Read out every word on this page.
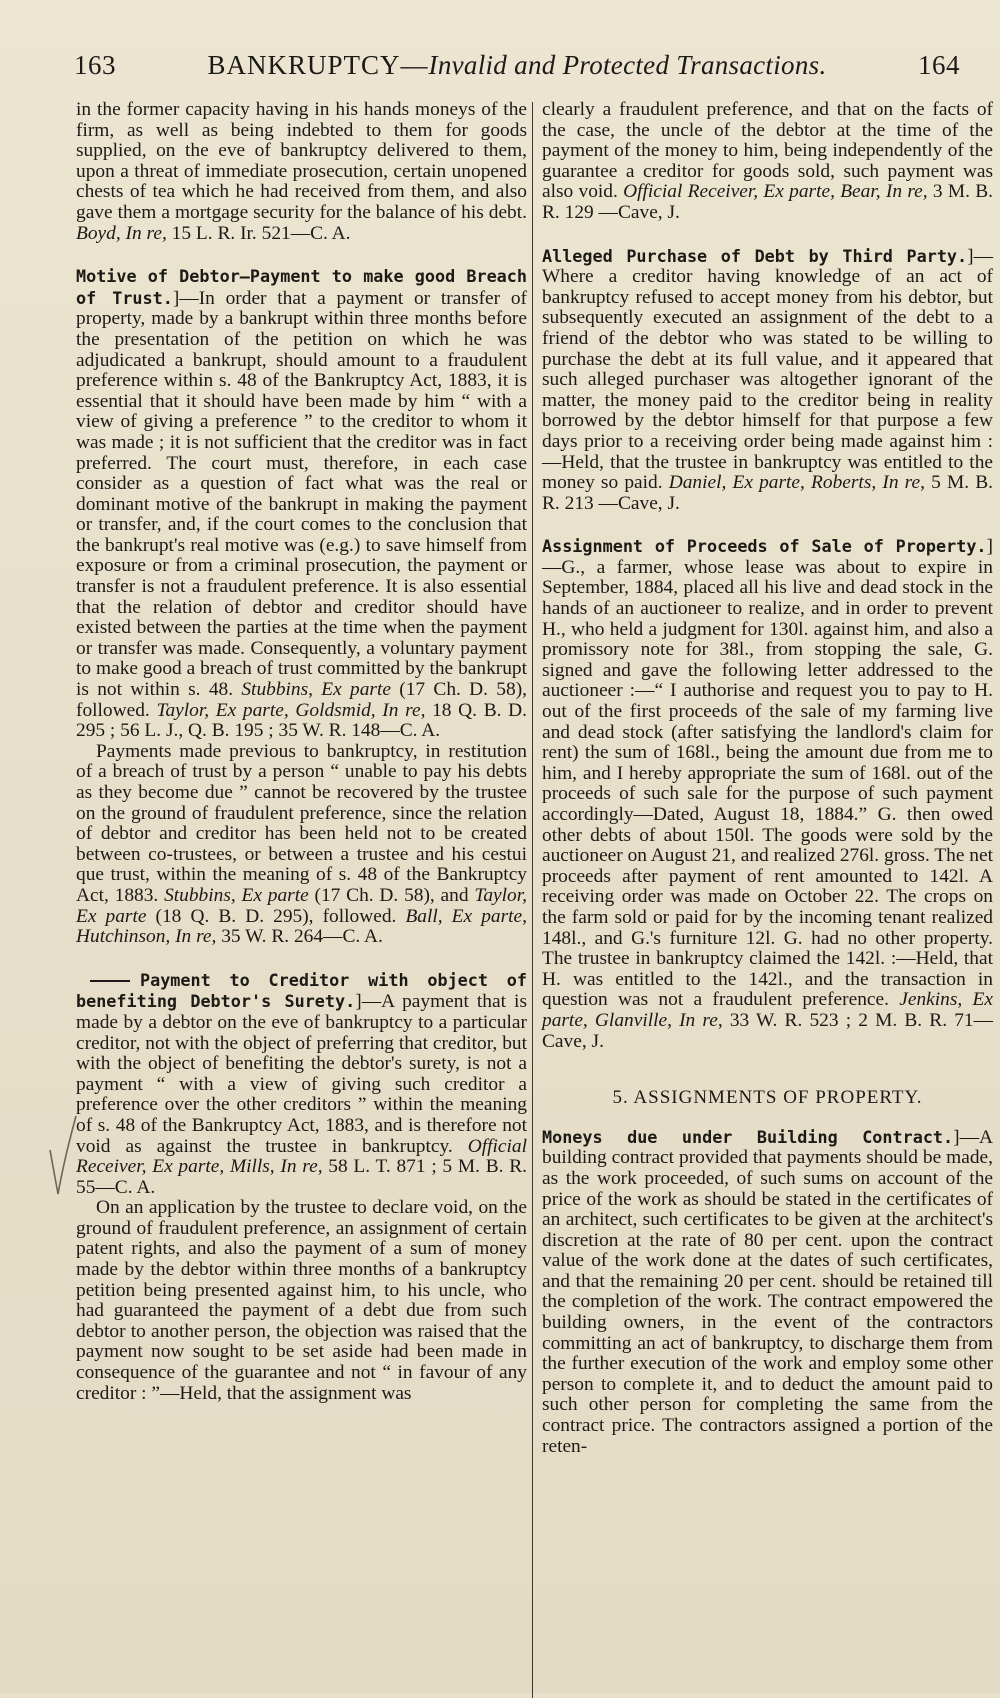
163	BANKRUPTCY—Invalid and Protected Transactions.	164

in the former capacity having in his hands moneys of the firm, as well as being indebted to them for goods supplied, on the eve of bankruptcy delivered to them, upon a threat of immediate prosecution, certain unopened chests of tea which he had received from them, and also gave them a mortgage security for the balance of his debt. Boyd, In re, 15 L. R. Ir. 521—C. A.

Motive of Debtor—Payment to make good Breach of Trust.]—In order that a payment or transfer of property, made by a bankrupt within three months before the presentation of the petition on which he was adjudicated a bankrupt, should amount to a fraudulent preference within s. 48 of the Bankruptcy Act, 1883, it is essential that it should have been made by him “ with a view of giving a preference ” to the creditor to whom it was made ; it is not sufficient that the creditor was in fact preferred. The court must, therefore, in each case consider as a question of fact what was the real or dominant motive of the bankrupt in making the payment or transfer, and, if the court comes to the conclusion that the bankrupt's real motive was (e.g.) to save himself from exposure or from a criminal prosecution, the payment or transfer is not a fraudulent preference. It is also essential that the relation of debtor and creditor should have existed between the parties at the time when the payment or transfer was made. Consequently, a voluntary payment to make good a breach of trust committed by the bankrupt is not within s. 48. Stubbins, Ex parte (17 Ch. D. 58), followed. Taylor, Ex parte, Goldsmid, In re, 18 Q. B. D. 295 ; 56 L. J., Q. B. 195 ; 35 W. R. 148—C. A.

Payments made previous to bankruptcy, in restitution of a breach of trust by a person “ unable to pay his debts as they become due ” cannot be recovered by the trustee on the ground of fraudulent preference, since the relation of debtor and creditor has been held not to be created between co-trustees, or between a trustee and his cestui que trust, within the meaning of s. 48 of the Bankruptcy Act, 1883. Stubbins, Ex parte (17 Ch. D. 58), and Taylor, Ex parte (18 Q. B. D. 295), followed. Ball, Ex parte, Hutchinson, In re, 35 W. R. 264—C. A.

Payment to Creditor with object of benefiting Debtor's Surety.]—A payment that is made by a debtor on the eve of bankruptcy to a particular creditor, not with the object of preferring that creditor, but with the object of benefiting the debtor's surety, is not a payment “ with a view of giving such creditor a preference over the other creditors ” within the meaning of s. 48 of the Bankruptcy Act, 1883, and is therefore not void as against the trustee in bankruptcy. Official Receiver, Ex parte, Mills, In re, 58 L. T. 871 ; 5 M. B. R. 55—C. A.

On an application by the trustee to declare void, on the ground of fraudulent preference, an assignment of certain patent rights, and also the payment of a sum of money made by the debtor within three months of a bankruptcy petition being presented against him, to his uncle, who had guaranteed the payment of a debt due from such debtor to another person, the objection was raised that the payment now sought to be set aside had been made in consequence of the guarantee and not “ in favour of any creditor : ”—Held, that the assignment was

clearly a fraudulent preference, and that on the facts of the case, the uncle of the debtor at the time of the payment of the money to him, being independently of the guarantee a creditor for goods sold, such payment was also void. Official Receiver, Ex parte, Bear, In re, 3 M. B. R. 129 —Cave, J.

Alleged Purchase of Debt by Third Party.]— Where a creditor having knowledge of an act of bankruptcy refused to accept money from his debtor, but subsequently executed an assignment of the debt to a friend of the debtor who was stated to be willing to purchase the debt at its full value, and it appeared that such alleged purchaser was altogether ignorant of the matter, the money paid to the creditor being in reality borrowed by the debtor himself for that purpose a few days prior to a receiving order being made against him :—Held, that the trustee in bankruptcy was entitled to the money so paid. Daniel, Ex parte, Roberts, In re, 5 M. B. R. 213 —Cave, J.

Assignment of Proceeds of Sale of Property.] —G., a farmer, whose lease was about to expire in September, 1884, placed all his live and dead stock in the hands of an auctioneer to realize, and in order to prevent H., who held a judgment for 130l. against him, and also a promissory note for 38l., from stopping the sale, G. signed and gave the following letter addressed to the auctioneer :—“ I authorise and request you to pay to H. out of the first proceeds of the sale of my farming live and dead stock (after satisfying the landlord's claim for rent) the sum of 168l., being the amount due from me to him, and I hereby appropriate the sum of 168l. out of the proceeds of such sale for the purpose of such payment accordingly—Dated, August 18, 1884.” G. then owed other debts of about 150l. The goods were sold by the auctioneer on August 21, and realized 276l. gross. The net proceeds after payment of rent amounted to 142l. A receiving order was made on October 22. The crops on the farm sold or paid for by the incoming tenant realized 148l., and G.'s furniture 12l. G. had no other property. The trustee in bankruptcy claimed the 142l. :—Held, that H. was entitled to the 142l., and the transaction in question was not a fraudulent preference. Jenkins, Ex parte, Glanville, In re, 33 W. R. 523 ; 2 M. B. R. 71—Cave, J.

5. ASSIGNMENTS OF PROPERTY.

Moneys due under Building Contract.]—A building contract provided that payments should be made, as the work proceeded, of such sums on account of the price of the work as should be stated in the certificates of an architect, such certificates to be given at the architect's discretion at the rate of 80 per cent. upon the contract value of the work done at the dates of such certificates, and that the remaining 20 per cent. should be retained till the completion of the work. The contract empowered the building owners, in the event of the contractors committing an act of bankruptcy, to discharge them from the further execution of the work and employ some other person to complete it, and to deduct the amount paid to such other person for completing the same from the contract price. The contractors assigned a portion of the reten-
